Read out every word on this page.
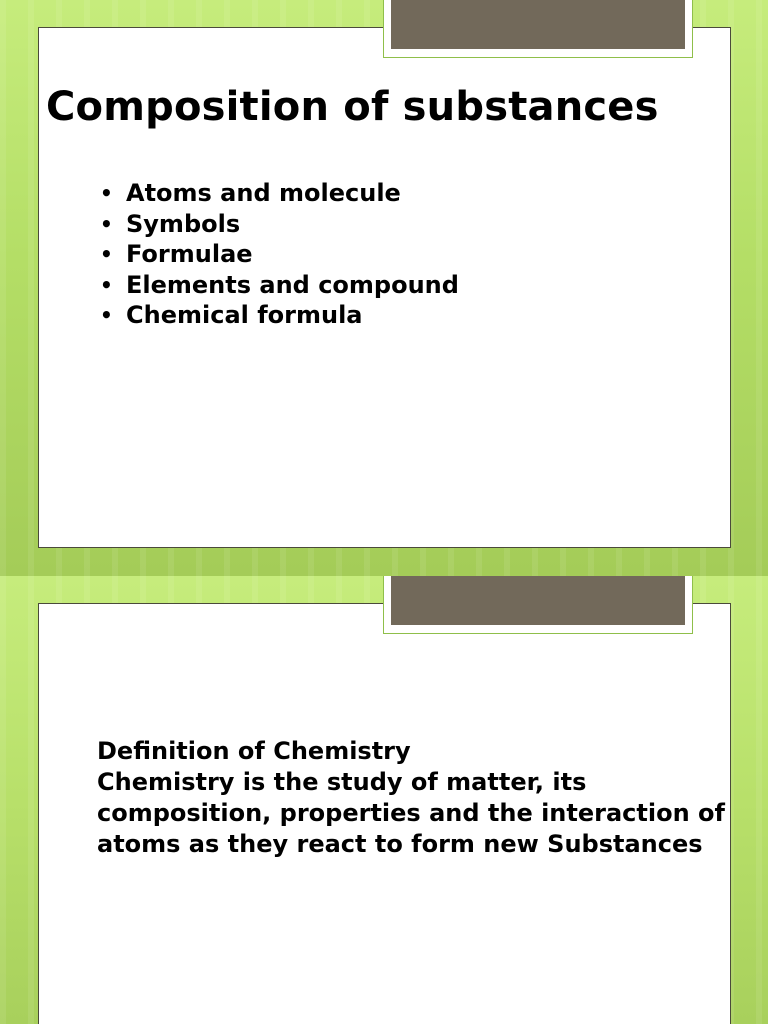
Composition of substances
• Atoms and molecule
• Symbols
• Formulae
• Elements and compound
• Chemical formula

Definition of Chemistry

Chemistry is the study of matter, its composition, properties and the interaction of atoms as they react to form new Substances
